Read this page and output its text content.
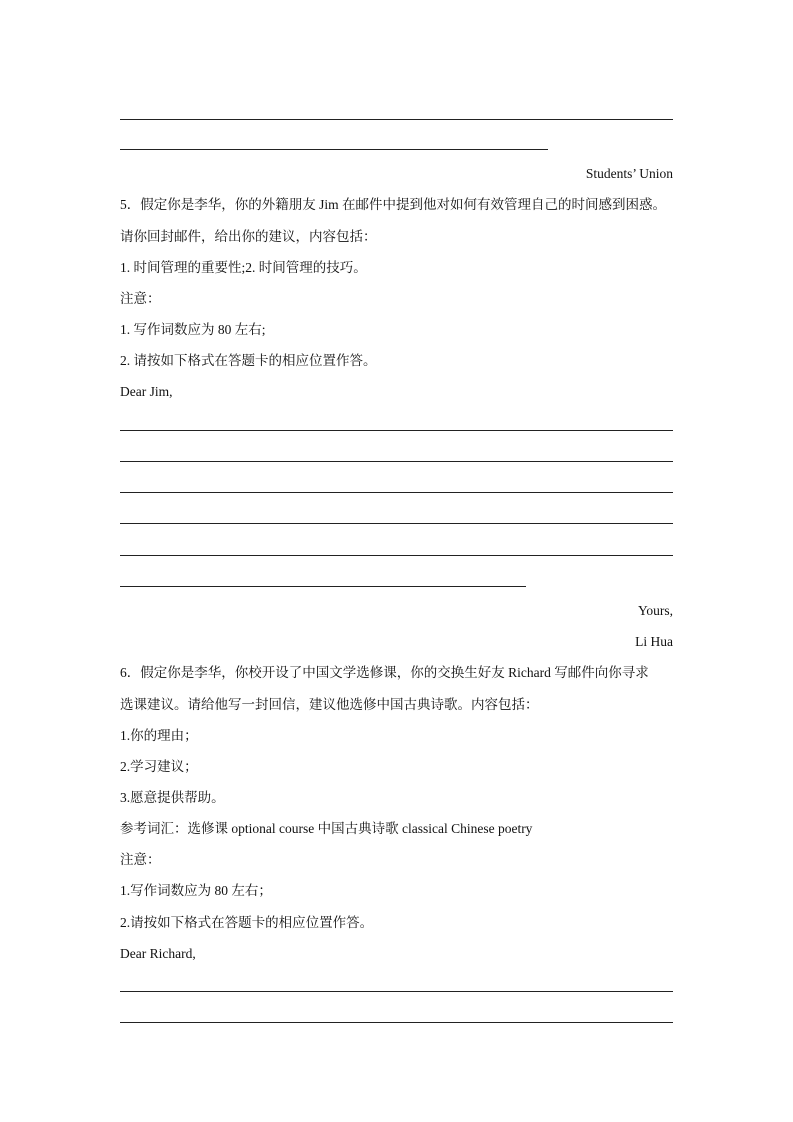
Students’ Union
5．假定你是李华，你的外籍朋友 Jim 在邮件中提到他对如何有效管理自己的时间感到困惑。
请你回封邮件，给出你的建议，内容包括：
1. 时间管理的重要性;2. 时间管理的技巧。
注意：
1. 写作词数应为 80 左右;
2. 请按如下格式在答题卡的相应位置作答。
Dear Jim,
Yours,
Li Hua
6．假定你是李华，你校开设了中国文学选修课，你的交换生好友 Richard 写邮件向你寻求
选课建议。请给他写一封回信，建议他选修中国古典诗歌。内容包括：
1.你的理由；
2.学习建议；
3.愿意提供帮助。
参考词汇：选修课 optional course 中国古典诗歌 classical Chinese poetry
注意：
1.写作词数应为 80 左右；
2.请按如下格式在答题卡的相应位置作答。
Dear Richard,
